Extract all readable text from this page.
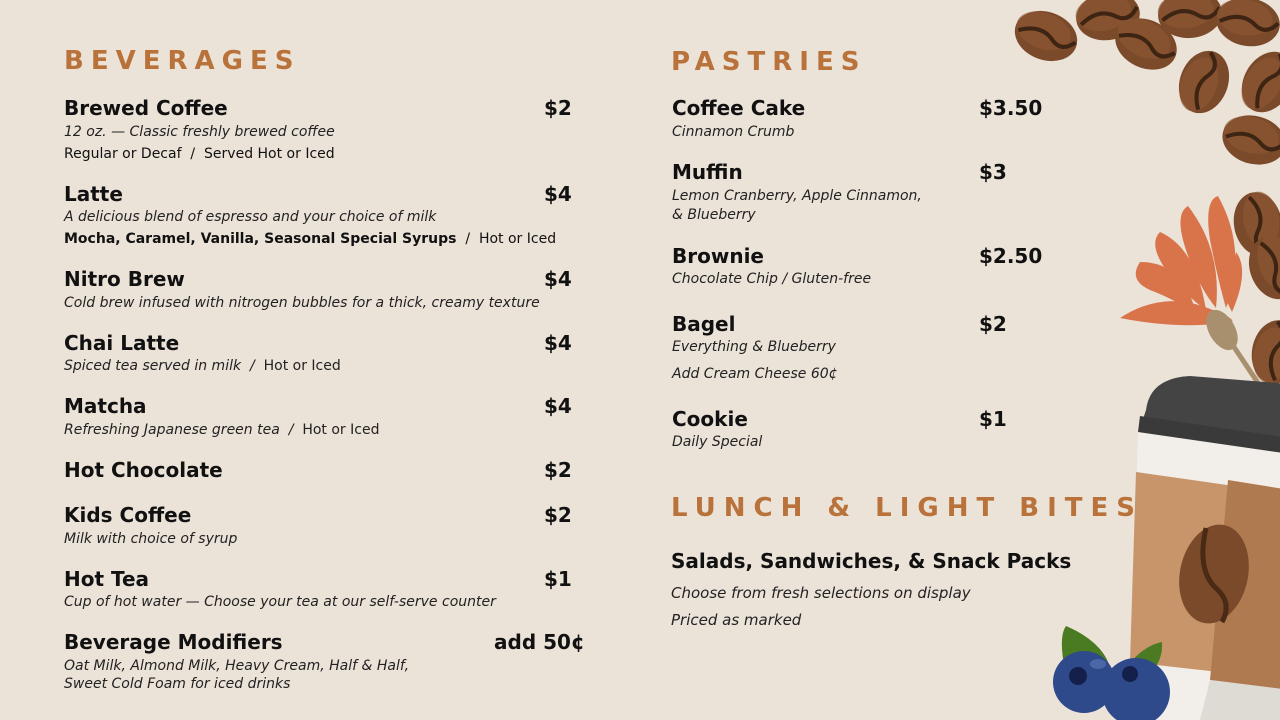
BEVERAGES
Brewed Coffee	$2
12 oz. — Classic freshly brewed coffee
Regular or Decaf  /  Served Hot or Iced
Latte	$4
A delicious blend of espresso and your choice of milk
Mocha, Caramel, Vanilla, Seasonal Special Syrups  /  Hot or Iced
Nitro Brew	$4
Cold brew infused with nitrogen bubbles for a thick, creamy texture
Chai Latte	$4
Spiced tea served in milk  /  Hot or Iced
Matcha	$4
Refreshing Japanese green tea  /  Hot or Iced
Hot Chocolate	$2
Kids Coffee	$2
Milk with choice of syrup
Hot Tea	$1
Cup of hot water — Choose your tea at our self-serve counter
Beverage Modifiers	add 50¢
Oat Milk, Almond Milk, Heavy Cream, Half & Half,
Sweet Cold Foam for iced drinks
PASTRIES
Coffee Cake	$3.50
Cinnamon Crumb
Muffin	$3
Lemon Cranberry, Apple Cinnamon,
& Blueberry
Brownie	$2.50
Chocolate Chip / Gluten-free
Bagel	$2
Everything & Blueberry
Add Cream Cheese 60¢
Cookie	$1
Daily Special
LUNCH & LIGHT BITES
Salads, Sandwiches, & Snack Packs
Choose from fresh selections on display
Priced as marked
